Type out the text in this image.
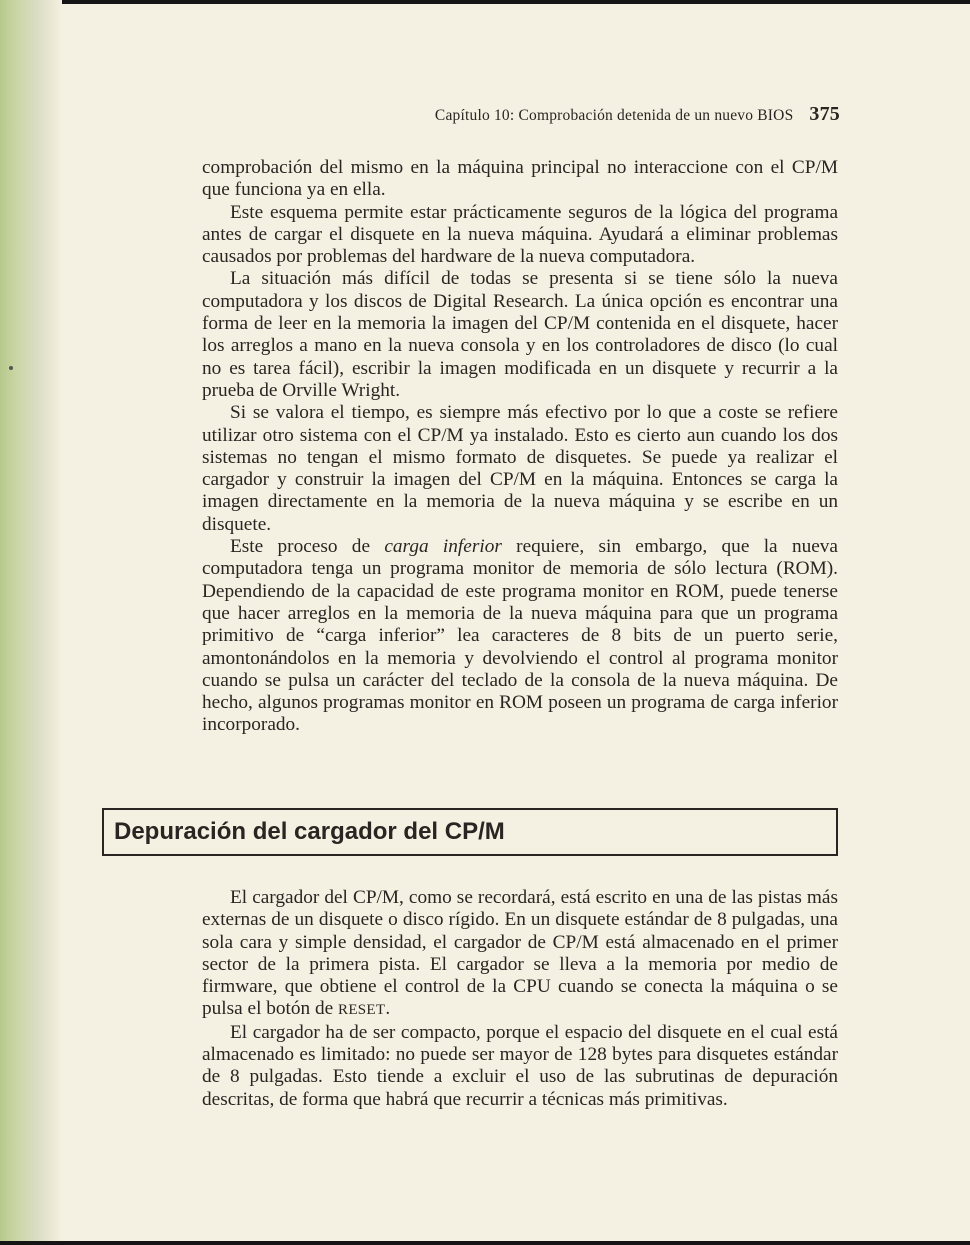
Capítulo 10: Comprobación detenida de un nuevo BIOS 375

comprobación del mismo en la máquina principal no interaccione con el CP/M que funciona ya en ella.

Este esquema permite estar prácticamente seguros de la lógica del programa antes de cargar el disquete en la nueva máquina. Ayudará a eliminar problemas causados por problemas del hardware de la nueva computadora.

La situación más difícil de todas se presenta si se tiene sólo la nueva computadora y los discos de Digital Research. La única opción es encontrar una forma de leer en la memoria la imagen del CP/M contenida en el disquete, hacer los arreglos a mano en la nueva consola y en los controladores de disco (lo cual no es tarea fácil), escribir la imagen modificada en un disquete y recurrir a la prueba de Orville Wright.

Si se valora el tiempo, es siempre más efectivo por lo que a coste se refiere utilizar otro sistema con el CP/M ya instalado. Esto es cierto aun cuando los dos sistemas no tengan el mismo formato de disquetes. Se puede ya realizar el cargador y construir la imagen del CP/M en la máquina. Entonces se carga la imagen directamente en la memoria de la nueva máquina y se escribe en un disquete.

Este proceso de carga inferior requiere, sin embargo, que la nueva computadora tenga un programa monitor de memoria de sólo lectura (ROM). Dependiendo de la capacidad de este programa monitor en ROM, puede tenerse que hacer arreglos en la memoria de la nueva máquina para que un programa primitivo de “carga inferior” lea caracteres de 8 bits de un puerto serie, amontonándolos en la memoria y devolviendo el control al programa monitor cuando se pulsa un carácter del teclado de la consola de la nueva máquina. De hecho, algunos programas monitor en ROM poseen un programa de carga inferior incorporado.

Depuración del cargador del CP/M

El cargador del CP/M, como se recordará, está escrito en una de las pistas más externas de un disquete o disco rígido. En un disquete estándar de 8 pulgadas, una sola cara y simple densidad, el cargador de CP/M está almacenado en el primer sector de la primera pista. El cargador se lleva a la memoria por medio de firmware, que obtiene el control de la CPU cuando se conecta la máquina o se pulsa el botón de RESET.

El cargador ha de ser compacto, porque el espacio del disquete en el cual está almacenado es limitado: no puede ser mayor de 128 bytes para disquetes estándar de 8 pulgadas. Esto tiende a excluir el uso de las subrutinas de depuración descritas, de forma que habrá que recurrir a técnicas más primitivas.
